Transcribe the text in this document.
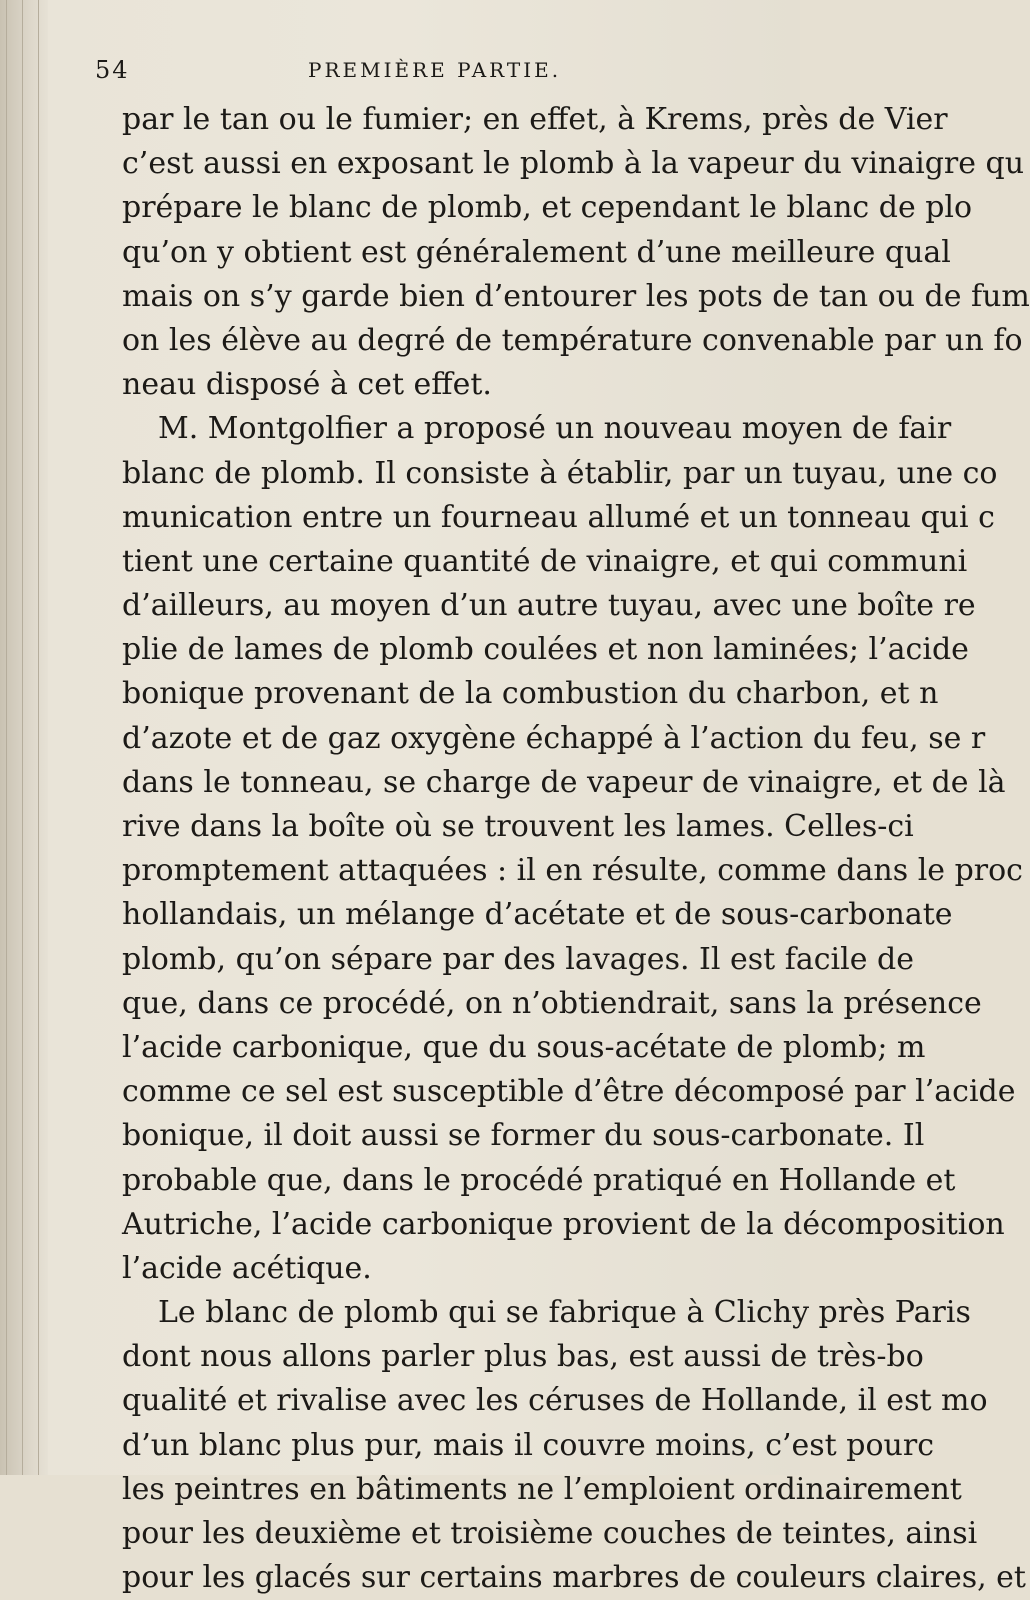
54	PREMIÈRE PARTIE.
par le tan ou le fumier; en effet, à Krems, près de Vier
c’est aussi en exposant le plomb à la vapeur du vinaigre qu
prépare le blanc de plomb, et cependant le blanc de plo
qu’on y obtient est généralement d’une meilleure qual
mais on s’y garde bien d’entourer les pots de tan ou de fum
on les élève au degré de température convenable par un fo
neau disposé à cet effet.
M. Montgolfier a proposé un nouveau moyen de fair
blanc de plomb. Il consiste à établir, par un tuyau, une co
munication entre un fourneau allumé et un tonneau qui c
tient une certaine quantité de vinaigre, et qui communi
d’ailleurs, au moyen d’un autre tuyau, avec une boîte re
plie de lames de plomb coulées et non laminées; l’acide
bonique provenant de la combustion du charbon, et n
d’azote et de gaz oxygène échappé à l’action du feu, se r
dans le tonneau, se charge de vapeur de vinaigre, et de là
rive dans la boîte où se trouvent les lames. Celles-ci
promptement attaquées : il en résulte, comme dans le proc
hollandais, un mélange d’acétate et de sous-carbonate
plomb, qu’on sépare par des lavages. Il est facile de
que, dans ce procédé, on n’obtiendrait, sans la présence
l’acide carbonique, que du sous-acétate de plomb; m
comme ce sel est susceptible d’être décomposé par l’acide
bonique, il doit aussi se former du sous-carbonate. Il
probable que, dans le procédé pratiqué en Hollande et
Autriche, l’acide carbonique provient de la décomposition
l’acide acétique.
Le blanc de plomb qui se fabrique à Clichy près Paris
dont nous allons parler plus bas, est aussi de très-bo
qualité et rivalise avec les céruses de Hollande, il est mo
d’un blanc plus pur, mais il couvre moins, c’est pourc
les peintres en bâtiments ne l’emploient ordinairement
pour les deuxième et troisième couches de teintes, ainsi
pour les glacés sur certains marbres de couleurs claires, et
